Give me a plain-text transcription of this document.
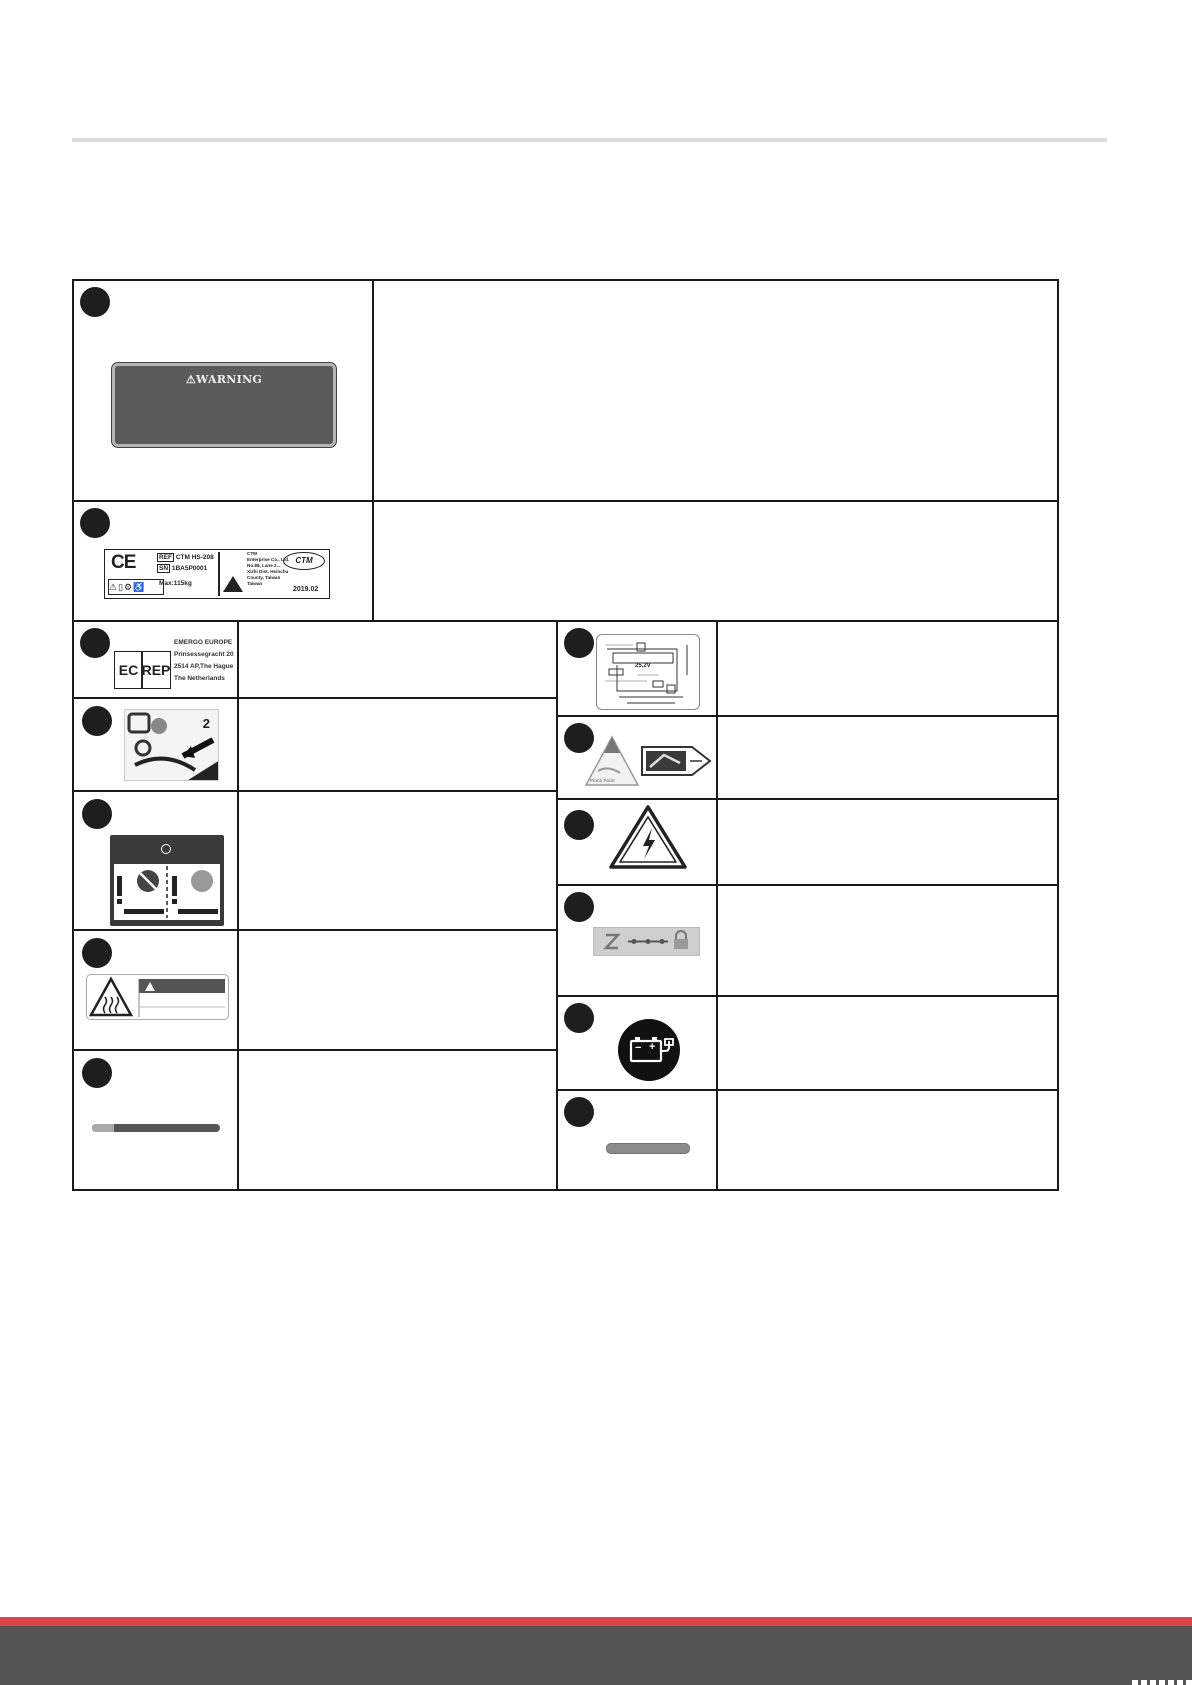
⚠WARNING
CE
⚠▯⚙♿
REF CTM HS-208
SN 1BA5P0001
Max:115kg
CTM
Enterprise Co., Ltd.
No.88, Lane 2...
Xizhi Dist. Hsinchu
County, Taiwan
Taiwan
CTM
2019.02
EC REP
EMERGO EUROPE
Prinsessegracht 20
2514 AP,The Hague
The Netherlands
2
25.2V
Pinch Point
− +
